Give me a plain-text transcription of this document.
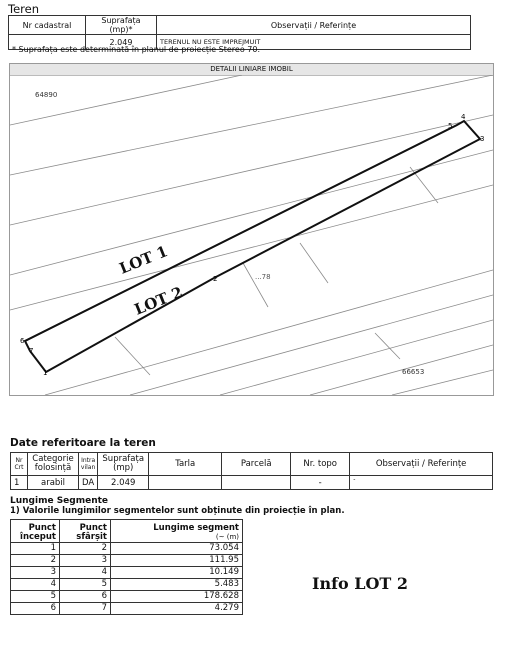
Teren
Nr cadastral	Suprafața (mp)*	Observații / Referințe
	2.049	TERENUL NU ESTE IMPREJMUIT
* Suprafața este determinată în planul de proiecție Stereo 70.
DETALII LINIARE IMOBIL
64890
66653
...78
LOT 1
LOT 2
1
2
3
4
5
6
7
Date referitoare la teren
Nr Crt	Categorie folosință	Intra vilan	Suprafața (mp)	Tarla	Parcelă	Nr. topo	Observații / Referințe
1	arabil	DA	2.049			-	-
Lungime Segmente
1) Valorile lungimilor segmentelor sunt obținute din proiecție în plan.
Punct început	Punct sfârșit	Lungime segment
(~ (m)
1	2	73.054
2	3	111.95
3	4	10.149
4	5	5.483
5	6	178.628
6	7	4.279
Info LOT 2
